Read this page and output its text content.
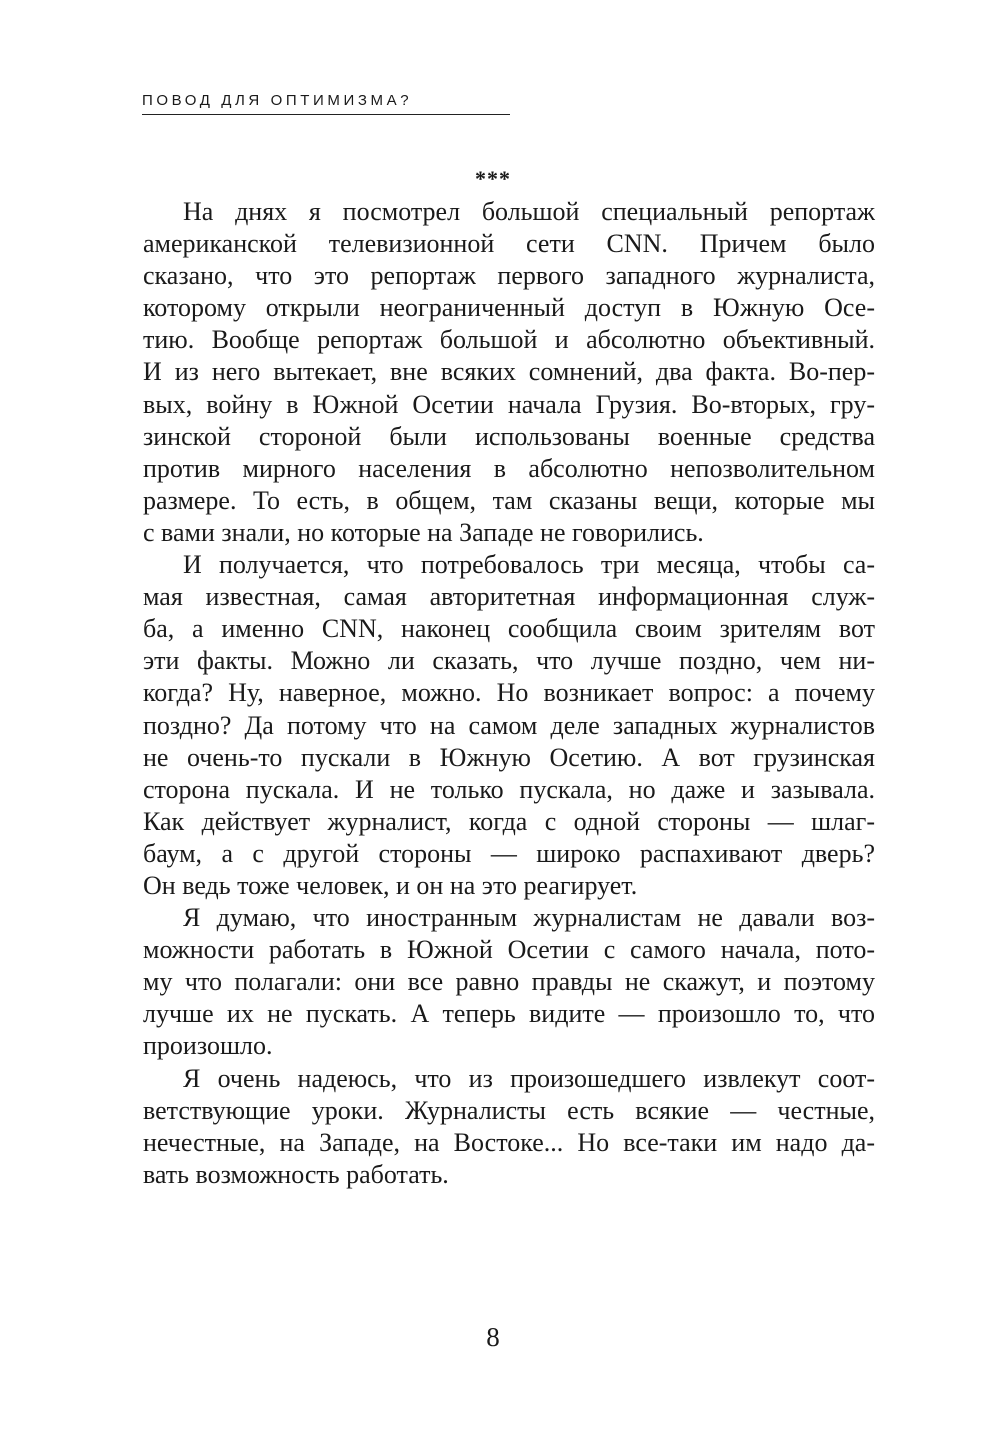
ПОВОД ДЛЯ ОПТИМИЗМА?
***
На днях я посмотрел большой специальный репортаж
американской телевизионной сети CNN. Причем было
сказано, что это репортаж первого западного журналиста,
которому открыли неограниченный доступ в Южную Осе-
тию. Вообще репортаж большой и абсолютно объективный.
И из него вытекает, вне всяких сомнений, два факта. Во-пер-
вых, войну в Южной Осетии начала Грузия. Во-вторых, гру-
зинской стороной были использованы военные средства
против мирного населения в абсолютно непозволительном
размере. То есть, в общем, там сказаны вещи, которые мы
с вами знали, но которые на Западе не говорились.
И получается, что потребовалось три месяца, чтобы са-
мая известная, самая авторитетная информационная служ-
ба, а именно CNN, наконец сообщила своим зрителям вот
эти факты. Можно ли сказать, что лучше поздно, чем ни-
когда? Ну, наверное, можно. Но возникает вопрос: а почему
поздно? Да потому что на самом деле западных журналистов
не очень-то пускали в Южную Осетию. А вот грузинская
сторона пускала. И не только пускала, но даже и зазывала.
Как действует журналист, когда с одной стороны — шлаг-
баум, а с другой стороны — широко распахивают дверь?
Он ведь тоже человек, и он на это реагирует.
Я думаю, что иностранным журналистам не давали воз-
можности работать в Южной Осетии с самого начала, пото-
му что полагали: они все равно правды не скажут, и поэтому
лучше их не пускать. А теперь видите — произошло то, что
произошло.
Я очень надеюсь, что из произошедшего извлекут соот-
ветствующие уроки. Журналисты есть всякие — честные,
нечестные, на Западе, на Востоке... Но все-таки им надо да-
вать возможность работать.
8
